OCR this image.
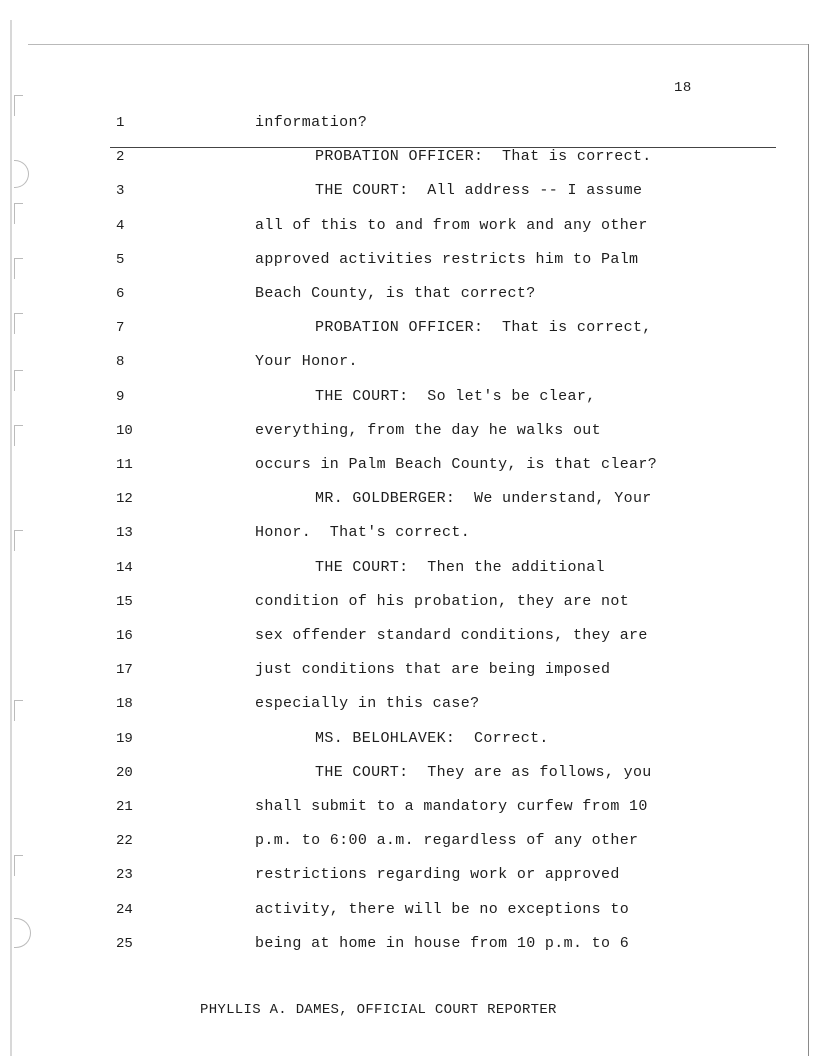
18
1	information?
2	PROBATION OFFICER:  That is correct.
3	THE COURT:  All address -- I assume
4	all of this to and from work and any other
5	approved activities restricts him to Palm
6	Beach County, is that correct?
7	PROBATION OFFICER:  That is correct,
8	Your Honor.
9	THE COURT:  So let's be clear,
10	everything, from the day he walks out
11	occurs in Palm Beach County, is that clear?
12	MR. GOLDBERGER:  We understand, Your
13	Honor.  That's correct.
14	THE COURT:  Then the additional
15	condition of his probation, they are not
16	sex offender standard conditions, they are
17	just conditions that are being imposed
18	especially in this case?
19	MS. BELOHLAVEK:  Correct.
20	THE COURT:  They are as follows, you
21	shall submit to a mandatory curfew from 10
22	p.m. to 6:00 a.m. regardless of any other
23	restrictions regarding work or approved
24	activity, there will be no exceptions to
25	being at home in house from 10 p.m. to 6
PHYLLIS A. DAMES, OFFICIAL COURT REPORTER
